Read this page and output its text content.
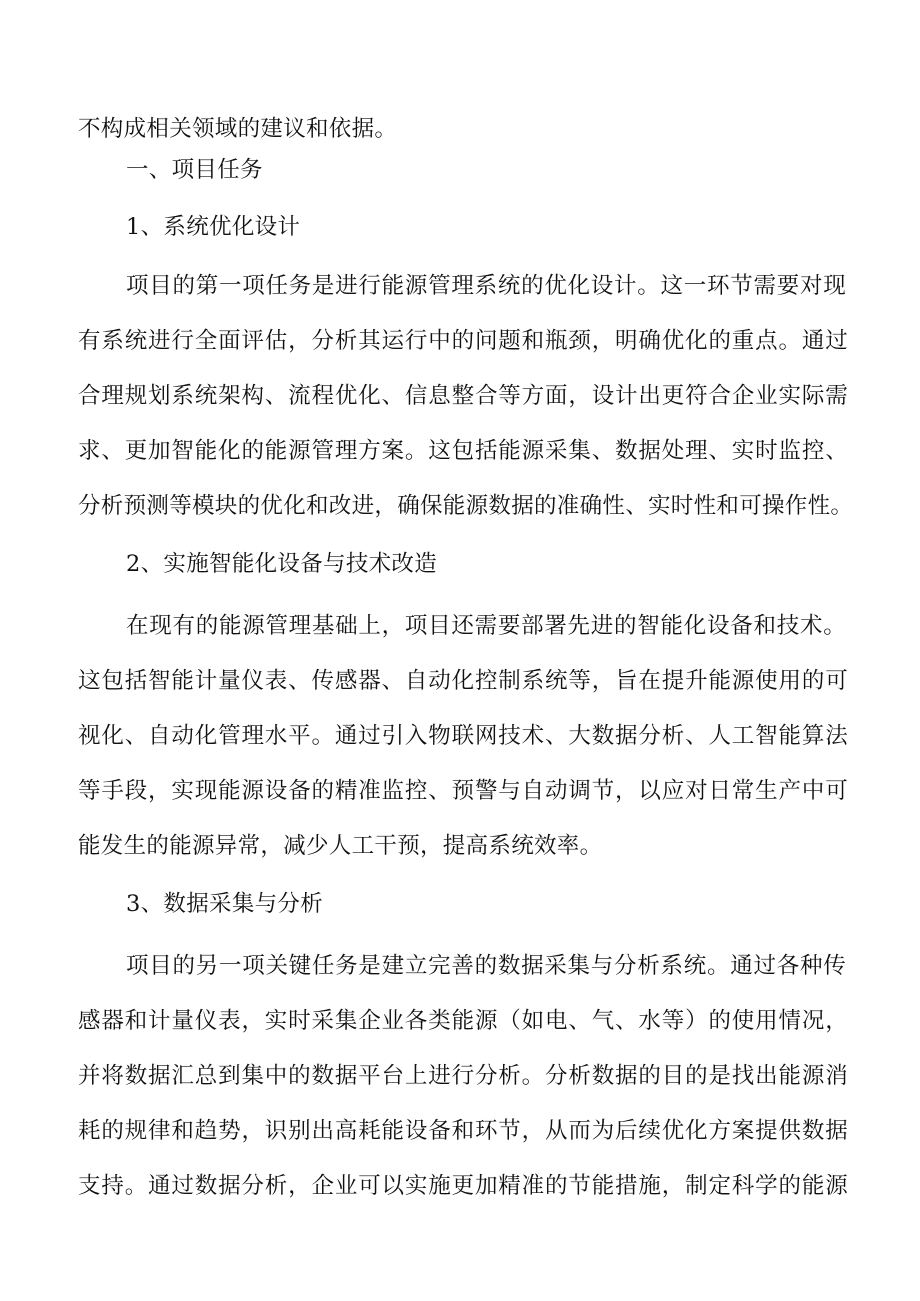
不构成相关领域的建议和依据。
一、项目任务
1、系统优化设计
项目的第一项任务是进行能源管理系统的优化设计。这一环节需要对现
有系统进行全面评估，分析其运行中的问题和瓶颈，明确优化的重点。通过
合理规划系统架构、流程优化、信息整合等方面，设计出更符合企业实际需
求、更加智能化的能源管理方案。这包括能源采集、数据处理、实时监控、
分析预测等模块的优化和改进，确保能源数据的准确性、实时性和可操作性。
2、实施智能化设备与技术改造
在现有的能源管理基础上，项目还需要部署先进的智能化设备和技术。
这包括智能计量仪表、传感器、自动化控制系统等，旨在提升能源使用的可
视化、自动化管理水平。通过引入物联网技术、大数据分析、人工智能算法
等手段，实现能源设备的精准监控、预警与自动调节，以应对日常生产中可
能发生的能源异常，减少人工干预，提高系统效率。
3、数据采集与分析
项目的另一项关键任务是建立完善的数据采集与分析系统。通过各种传
感器和计量仪表，实时采集企业各类能源（如电、气、水等）的使用情况，
并将数据汇总到集中的数据平台上进行分析。分析数据的目的是找出能源消
耗的规律和趋势，识别出高耗能设备和环节，从而为后续优化方案提供数据
支持。通过数据分析，企业可以实施更加精准的节能措施，制定科学的能源
